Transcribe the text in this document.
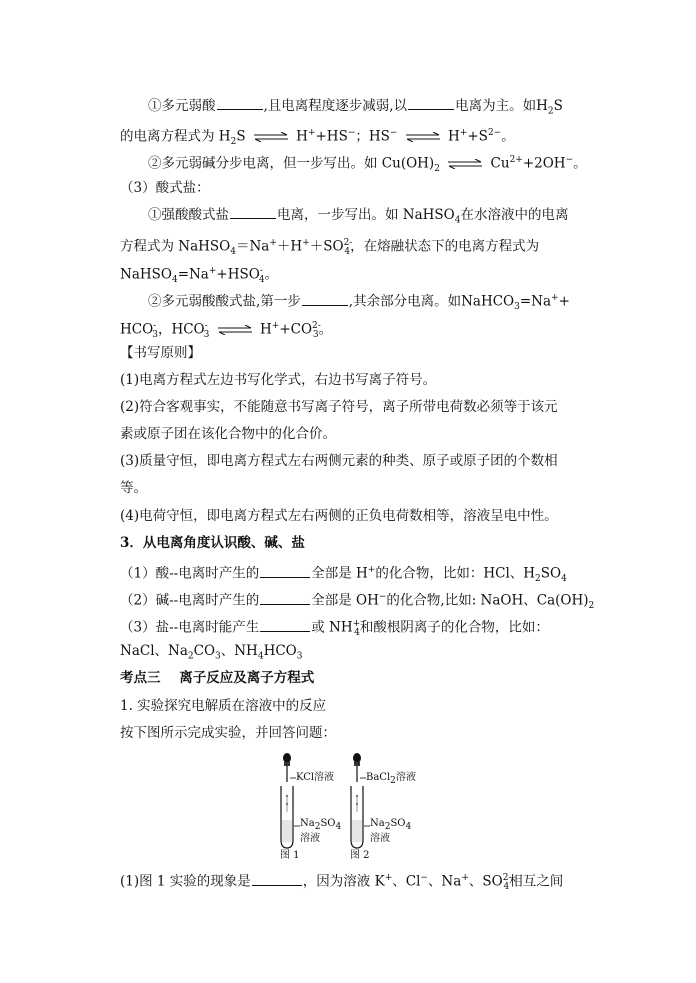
①多元弱酸	,且电离程度逐步减弱,以	电离为主。如$H_2S$
的电离方程式为 $H_2S$ ⇌ H++HS−；HS− ⇌ $H^++S^{2-}$。
②多元弱碱分步电离，但一步写出。如 $Cu(OH)_2$ ⇌ $Cu^{2+}+2OH^-$。
（3）酸式盐：
①强酸酸式盐	电离，一步写出。如 NaHSO$_4$在水溶液中的电离
方程式为 $NaHSO_4=Na^++H^++SO^{2-}_4$，在熔融状态下的电离方程式为
$NaHSO_4=Na^++HSO^-_4$。
②多元弱酸酸式盐,第一步	,其余部分电离。如NaHCO$_3$=Na++
$HCO^-_3$，$HCO^-_3$ ⇌ $H^++CO^{2-}_3$。
【书写原则】
(1)电离方程式左边书写化学式，右边书写离子符号。
(2)符合客观事实，不能随意书写离子符号，离子所带电荷数必须等于该元
素或原子团在该化合物中的化合价。
(3)质量守恒，即电离方程式左右两侧元素的种类、原子或原子团的个数相
等。
(4)电荷守恒，即电离方程式左右两侧的正负电荷数相等，溶液呈电中性。
3．从电离角度认识酸、碱、盐
（1）酸--电离时产生的	全部是 H+的化合物，比如：HCl、$H_2SO_4$
（2）碱--电离时产生的	全部是 OH−的化合物,比如: NaOH、$Ca(OH)_2$
（3）盐--电离时能产生	或 $NH^+_4$和酸根阴离子的化合物，比如：
NaCl、$Na_2CO_3$、$NH_4HCO_3$
考点三    离子反应及离子方程式
1. 实验探究电解质在溶液中的反应
按下图所示完成实验，并回答问题：
KCl溶液
$Na_2SO_4$
溶液
图 1
BaCl$_2$溶液
$Na_2SO_4$
溶液
图 2
(1)图 1 实验的现象是	，因为溶液 K+、Cl−、Na+、$SO^{2-}_4$相互之间
